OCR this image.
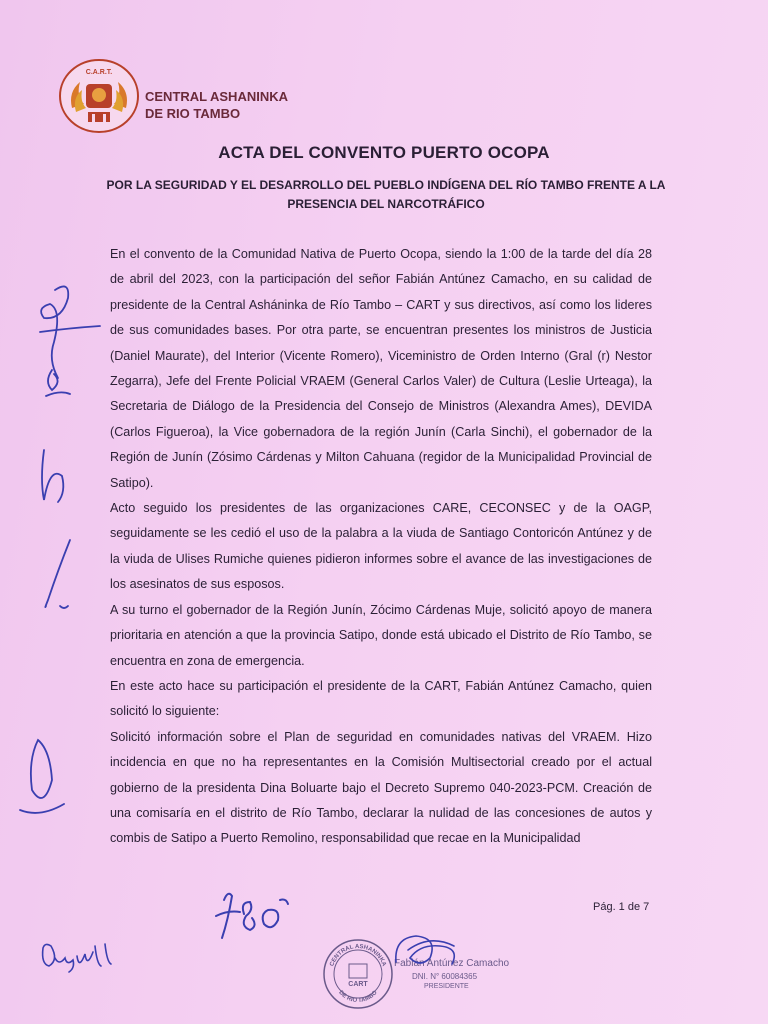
C.A.R.T.
CENTRAL ASHANINKA
DE RIO TAMBO
ACTA DEL CONVENTO PUERTO OCOPA
POR LA SEGURIDAD Y EL DESARROLLO DEL PUEBLO INDÍGENA DEL RÍO TAMBO FRENTE A LA PRESENCIA DEL NARCOTRÁFICO

En el convento de la Comunidad Nativa de Puerto Ocopa, siendo la 1:00 de la tarde del día 28 de abril del 2023, con la participación del señor Fabián Antúnez Camacho, en su calidad de presidente de la Central Asháninka de Río Tambo – CART y sus directivos, así como los lideres de sus comunidades bases. Por otra parte, se encuentran presentes los ministros de Justicia (Daniel Maurate), del Interior (Vicente Romero), Viceministro de Orden Interno (Gral (r) Nestor Zegarra), Jefe del Frente Policial VRAEM (General Carlos Valer) de Cultura (Leslie Urteaga), la Secretaria de Diálogo de la Presidencia del Consejo de Ministros (Alexandra Ames), DEVIDA (Carlos Figueroa), la Vice gobernadora de la región Junín (Carla Sinchi), el gobernador de la Región de Junín (Zósimo Cárdenas y Milton Cahuana (regidor de la Municipalidad Provincial de Satipo).

Acto seguido los presidentes de las organizaciones CARE, CECONSEC y de la OAGP, seguidamente se les cedió el uso de la palabra a la viuda de Santiago Contoricón Antúnez y de la viuda de Ulises Rumiche quienes pidieron informes sobre el avance de las investigaciones de los asesinatos de sus esposos.

A su turno el gobernador de la Región Junín, Zócimo Cárdenas Muje, solicitó apoyo de manera prioritaria en atención a que la provincia Satipo, donde está ubicado el Distrito de Río Tambo, se encuentra en zona de emergencia.

En este acto hace su participación el presidente de la CART, Fabián Antúnez Camacho, quien solicitó lo siguiente:

Solicitó información sobre el Plan de seguridad en comunidades nativas del VRAEM. Hizo incidencia en que no ha representantes en la Comisión Multisectorial creado por el actual gobierno de la presidenta Dina Boluarte bajo el Decreto Supremo 040-2023-PCM. Creación de una comisaría en el distrito de Río Tambo, declarar la nulidad de las concesiones de autos y combis de Satipo a Puerto Remolino, responsabilidad que recae en la Municipalidad

Pág. 1 de 7
CENTRAL ASHANINKA
DE RIO TAMBO
CART
Fabián Antúnez Camacho
DNI. N° 60084365
PRESIDENTE
